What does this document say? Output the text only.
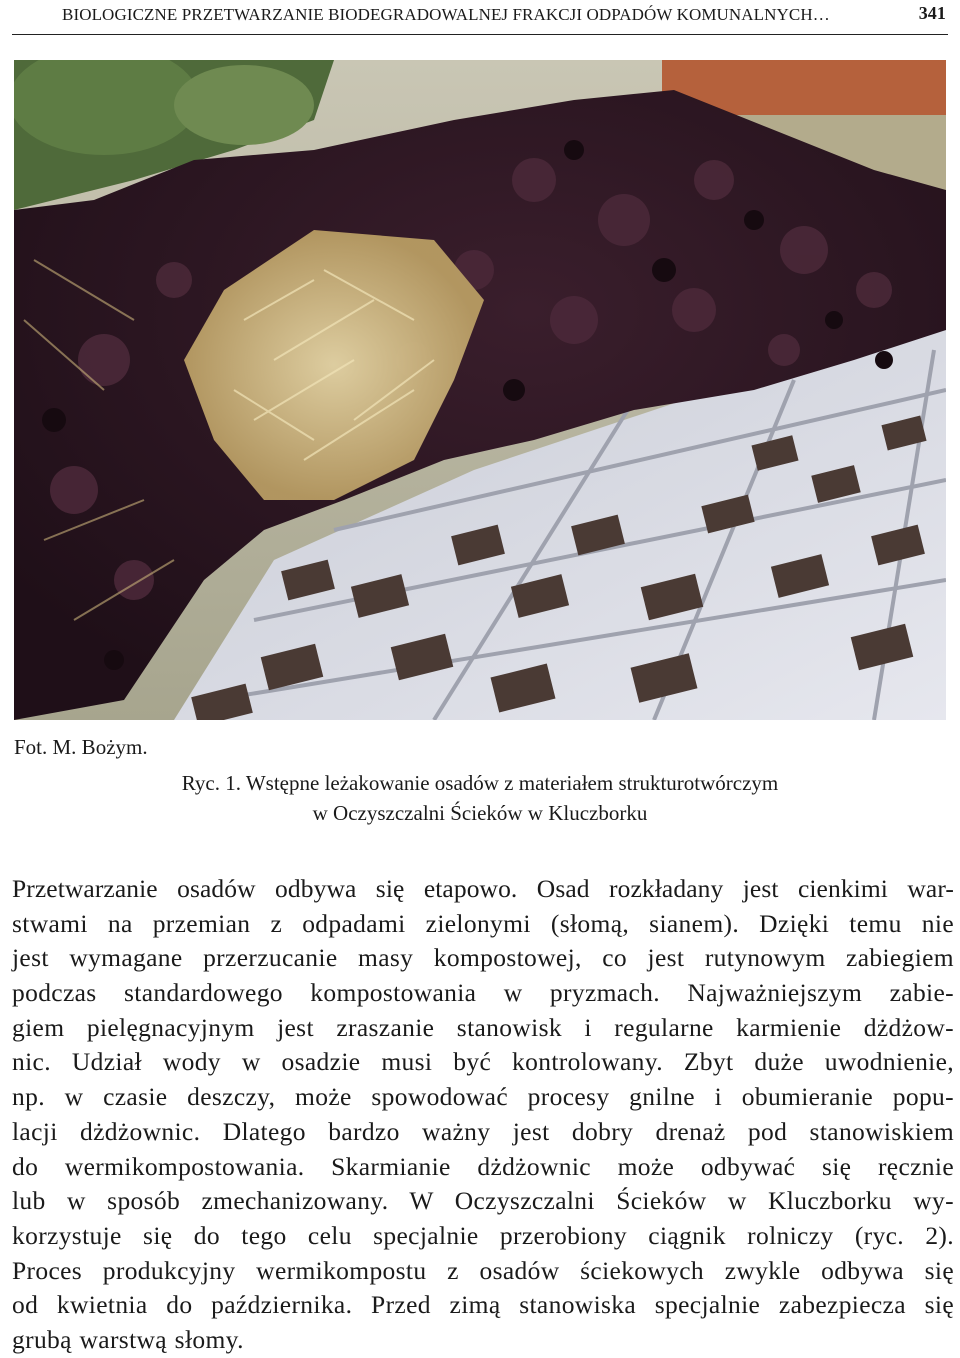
BIOLOGICZNE PRZETWARZANIE BIODEGRADOWALNEJ FRAKCJI ODPADÓW KOMUNALNYCH…	341
Fot. M. Bożym.
Ryc. 1. Wstępne leżakowanie osadów z materiałem strukturotwórczym
w Oczyszczalni Ścieków w Kluczborku
Przetwarzanie osadów odbywa się etapowo. Osad rozkładany jest cienkimi war-
stwami na przemian z odpadami zielonymi (słomą, sianem). Dzięki temu nie
jest wymagane przerzucanie masy kompostowej, co jest rutynowym zabiegiem
podczas standardowego kompostowania w pryzmach. Najważniejszym zabie-
giem pielęgnacyjnym jest zraszanie stanowisk i regularne karmienie dżdżow-
nic. Udział wody w osadzie musi być kontrolowany. Zbyt duże uwodnienie,
np. w czasie deszczy, może spowodować procesy gnilne i obumieranie popu-
lacji dżdżownic. Dlatego bardzo ważny jest dobry drenaż pod stanowiskiem
do wermikompostowania. Skarmianie dżdżownic może odbywać się ręcznie
lub w sposób zmechanizowany. W Oczyszczalni Ścieków w Kluczborku wy-
korzystuje się do tego celu specjalnie przerobiony ciągnik rolniczy (ryc. 2).
Proces produkcyjny wermikompostu z osadów ściekowych zwykle odbywa się
od kwietnia do października. Przed zimą stanowiska specjalnie zabezpiecza się
grubą warstwą słomy.
